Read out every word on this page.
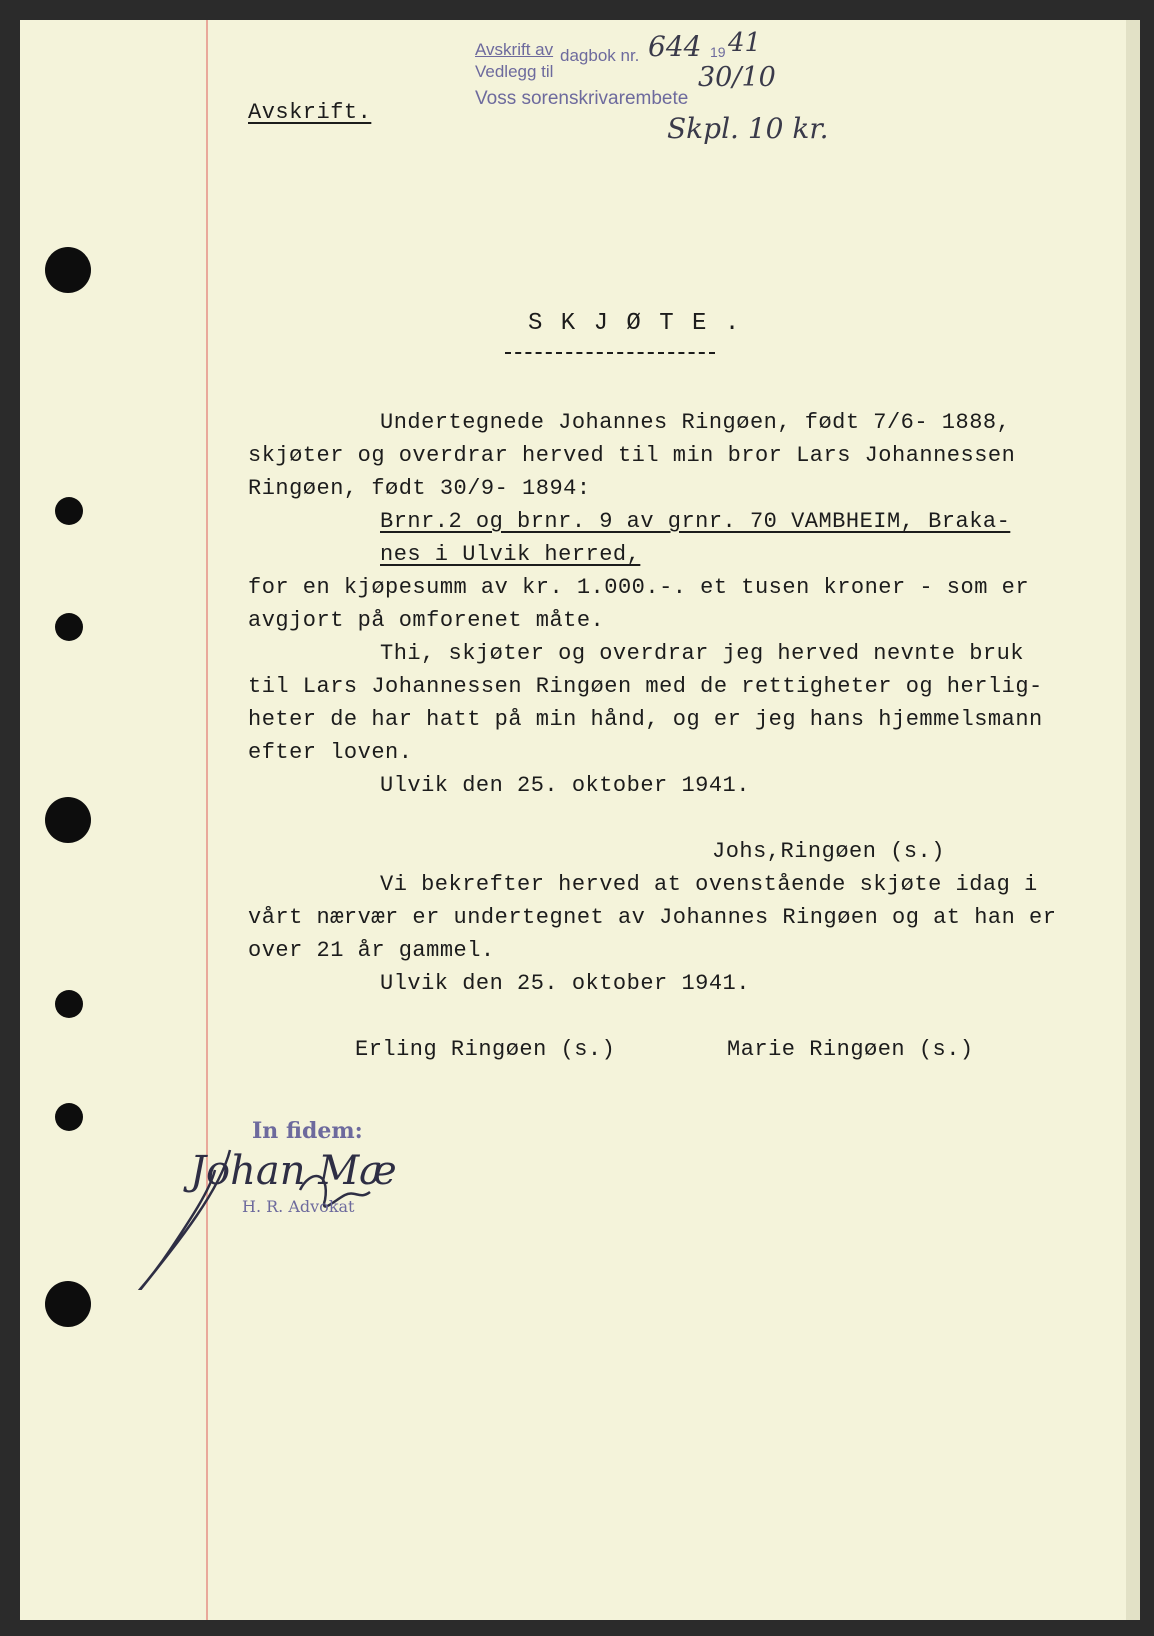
Avskrift av dagbok nr. 644 19 41
Vedlegg til	30/10
Voss sorenskrivarembete
Skpl. 10 kr.
Avskrift.
S K J Ø T E .
Undertegnede Johannes Ringøen, født 7/6- 1888,
skjøter og overdrar herved til min bror Lars Johannessen
Ringøen, født 30/9- 1894:
Brnr.2 og brnr. 9 av grnr. 70 VAMBHEIM, Braka-
nes i Ulvik herred,
for en kjøpesumm av kr. 1.000.-. et tusen kroner - som er
avgjort på omforenet måte.
Thi, skjøter og overdrar jeg herved nevnte bruk
til Lars Johannessen Ringøen med de rettigheter og herlig-
heter de har hatt på min hånd, og er jeg hans hjemmelsmann
efter loven.
Ulvik den 25. oktober 1941.
Johs,Ringøen (s.)
Vi bekrefter herved at ovenstående skjøte idag i
vårt nærvær er undertegnet av Johannes Ringøen og at han er
over 21 år gammel.
Ulvik den 25. oktober 1941.
Erling Ringøen (s.)	Marie Ringøen (s.)
In fidem:
Johan Mæ
H. R. Advokat
